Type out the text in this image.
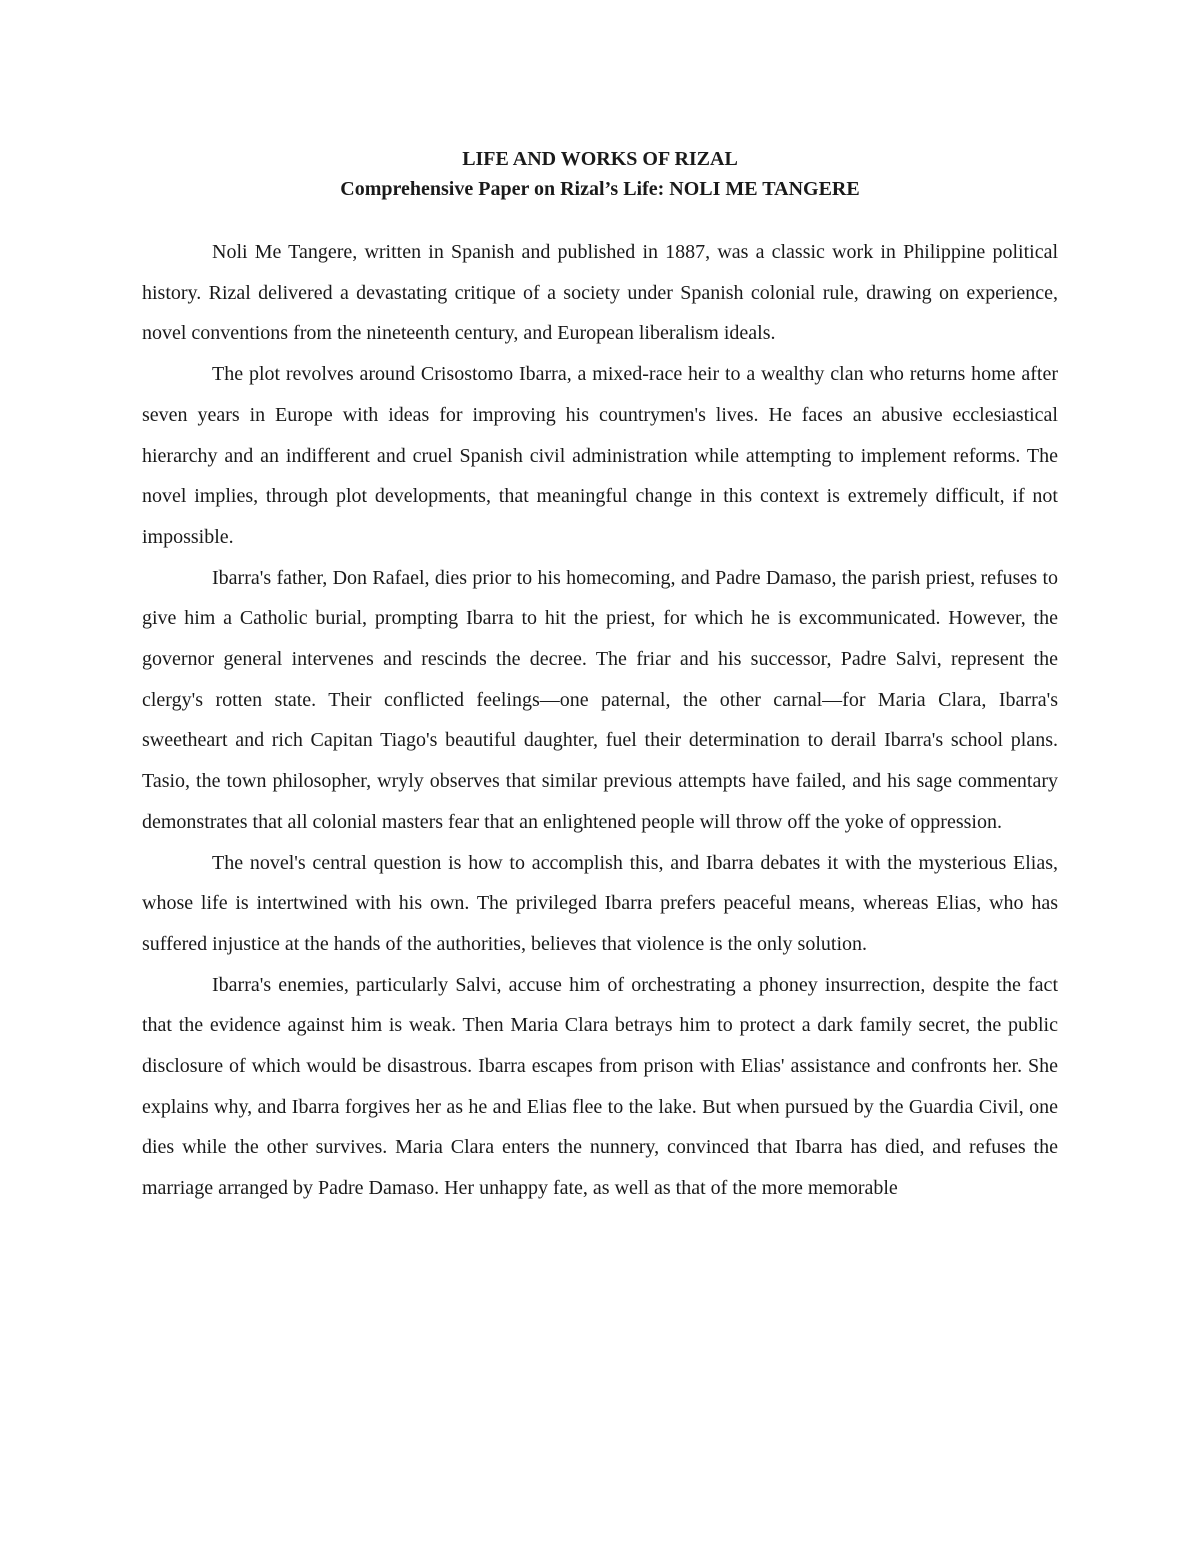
LIFE AND WORKS OF RIZAL
Comprehensive Paper on Rizal’s Life: NOLI ME TANGERE

Noli Me Tangere, written in Spanish and published in 1887, was a classic work in Philippine political history. Rizal delivered a devastating critique of a society under Spanish colonial rule, drawing on experience, novel conventions from the nineteenth century, and European liberalism ideals.

The plot revolves around Crisostomo Ibarra, a mixed-race heir to a wealthy clan who returns home after seven years in Europe with ideas for improving his countrymen's lives. He faces an abusive ecclesiastical hierarchy and an indifferent and cruel Spanish civil administration while attempting to implement reforms. The novel implies, through plot developments, that meaningful change in this context is extremely difficult, if not impossible.

Ibarra's father, Don Rafael, dies prior to his homecoming, and Padre Damaso, the parish priest, refuses to give him a Catholic burial, prompting Ibarra to hit the priest, for which he is excommunicated. However, the governor general intervenes and rescinds the decree. The friar and his successor, Padre Salvi, represent the clergy's rotten state. Their conflicted feelings—one paternal, the other carnal—for Maria Clara, Ibarra's sweetheart and rich Capitan Tiago's beautiful daughter, fuel their determination to derail Ibarra's school plans. Tasio, the town philosopher, wryly observes that similar previous attempts have failed, and his sage commentary demonstrates that all colonial masters fear that an enlightened people will throw off the yoke of oppression.

The novel's central question is how to accomplish this, and Ibarra debates it with the mysterious Elias, whose life is intertwined with his own. The privileged Ibarra prefers peaceful means, whereas Elias, who has suffered injustice at the hands of the authorities, believes that violence is the only solution.

Ibarra's enemies, particularly Salvi, accuse him of orchestrating a phoney insurrection, despite the fact that the evidence against him is weak. Then Maria Clara betrays him to protect a dark family secret, the public disclosure of which would be disastrous. Ibarra escapes from prison with Elias' assistance and confronts her. She explains why, and Ibarra forgives her as he and Elias flee to the lake. But when pursued by the Guardia Civil, one dies while the other survives. Maria Clara enters the nunnery, convinced that Ibarra has died, and refuses the marriage arranged by Padre Damaso. Her unhappy fate, as well as that of the more memorable
